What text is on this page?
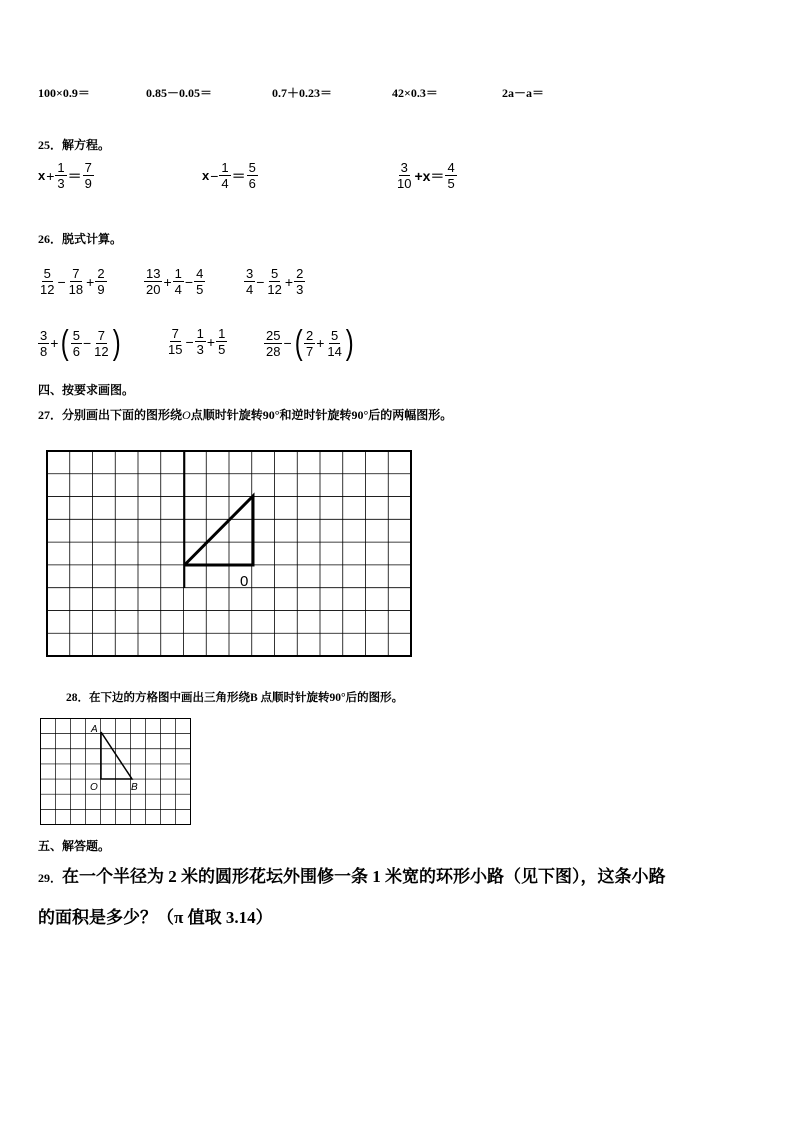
100×0.9＝	0.85－0.05＝	0.7＋0.23＝	42×0.3＝	2a－a＝
25．解方程。
$x + \frac{1}{3} = \frac{7}{9}$	$x - \frac{1}{4} = \frac{5}{6}$	$\frac{3}{10} +x= \frac{4}{5}$
26．脱式计算。
$\frac{5}{12} - \frac{7}{18} + \frac{2}{9}$	$\frac{13}{20} + \frac{1}{4} - \frac{4}{5}$	$\frac{3}{4} - \frac{5}{12} + \frac{2}{3}$
$\frac{3}{8}$ + ( $\frac{5}{6} - \frac{7}{12}$ )	$\frac{7}{15} - \frac{1}{3} + \frac{1}{5}$	$\frac{25}{28}$ − ( $\frac{2}{7} + \frac{5}{14}$ )
四、按要求画图。
27．分别画出下面的图形绕O点顺时针旋转90°和逆时针旋转90°后的两幅图形。
0
28．在下边的方格图中画出三角形绕B 点顺时针旋转90°后的图形。
A
O	B
五、解答题。
29．在一个半径为 2 米的圆形花坛外围修一条 1 米宽的环形小路（见下图），这条小路
的面积是多少？（π 值取 3.14）
